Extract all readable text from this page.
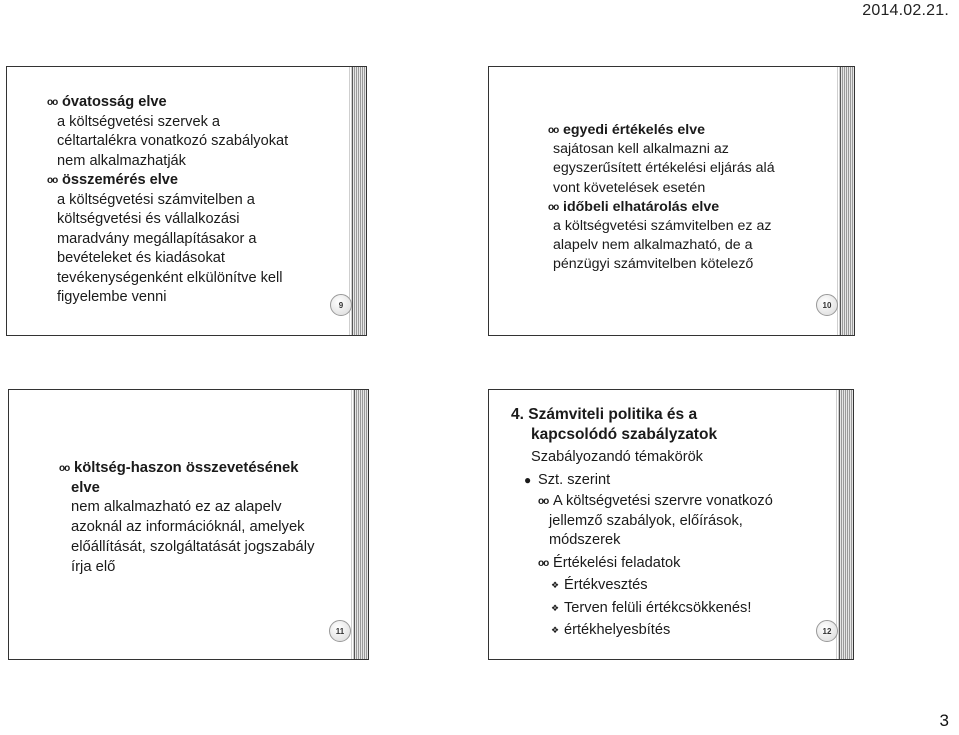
2014.02.21.
oo óvatosság elve
a költségvetési szervek a
céltartalékra vonatkozó szabályokat
nem alkalmazhatják
oo összemérés elve
a költségvetési számvitelben a
költségvetési és vállalkozási
maradvány megállapításakor a
bevételeket és kiadásokat
tevékenységenként elkülönítve kell
figyelembe venni	9
oo egyedi értékelés elve
sajátosan kell alkalmazni az
egyszerűsített értékelési eljárás alá
vont követelések esetén
oo időbeli elhatárolás elve
a költségvetési számvitelben ez az
alapelv nem alkalmazható, de a
pénzügyi számvitelben kötelező
10
oo költség-haszon összevetésének
elve
nem alkalmazható ez az alapelv
azoknál az információknál, amelyek
előállítását, szolgáltatását jogszabály
írja elő
11
4. Számviteli politika és a
kapcsolódó szabályzatok
Szabályozandó témakörök
● Szt. szerint
oo A költségvetési szervre vonatkozó
jellemző szabályok, előírások,
módszerek
oo Értékelési feladatok
❖ Értékvesztés
❖ Terven felüli értékcsökkenés!
❖ értékhelyesbítés	12
3
